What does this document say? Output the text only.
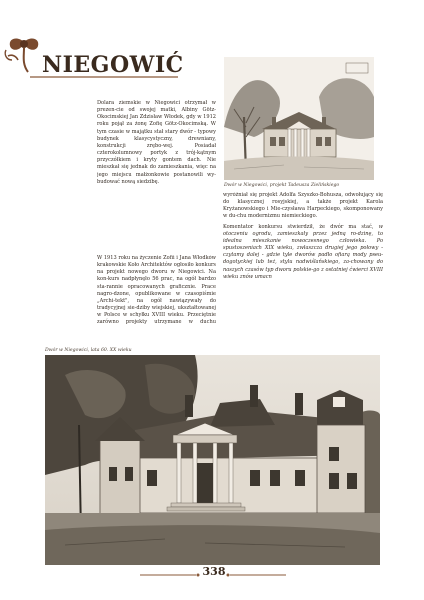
NIEGOWIĆ
Dwór w Niegowici, projekt Tadeusza Zielińskiego

Dolara ziemskie w Niegowici otrzymał w prezen-cie od swojej matki, Albiny Götz-Okocimskiej Jan Zdzisław Włodek, gdy w 1912 roku pojął za żonę Zofię Götz-Okocimską. W tym czasie w majątku stał stary dwór - typowy budynek klasycystyczny, drewniany, konstrukcji zrębo-wej. Posiadał czterokolumnowy portyk z trój-kątnym przyczółkiem i kryty gontem dach. Nie mieszkał się jednak do zamieszkania, więc na jego miejscu małżonkowie postanowili wy-budować nową siedzibę.

W 1913 roku na życzenie Zofii i Jana Włodków krakowskie Koło Architektów ogłosiło konkurs na projekt nowego dworu w Niegowici. Na kon-kurs nadpłynęło 56 prac, na ogół bardzo sta-rannie opracowanych graficznie. Prace nagro-dzone, opublikowane w czasopiśmie „Archi-tekt", na ogół nawiązywały do tradycyjnej sie-dziby wiejskiej, ukształtowanej w Polsce w schyłku XVIII wieku. Przeciętnie zarówno projekty utrzymane w duchu

wyróżniał się projekt Adolfa Szyszko-Bohusza, odwołujący się do klasycznej rosyjskiej, a także projekt Karola Kryżanowskiego i Mie-czysława Harpeckiego, skomponowany w du-chu modernizmu niemieckiego.

Komentator konkursu stwierdził, że dwór ma stać, w otoczeniu ogrodu, zamieszkały przez jedną ro-dzinę, to idealna mieszkanie nowoczesnego człowieka. Po spustoszeniach XIX wieku, zwłaszcza drugiej jego połowy - czytamy dalej - gdzie tyle dworów padło ofiarą mody pseu-dogotyckiej lub też, stylu nadwiślańskiego, za-chowany do naszych czasów typ dworu polskie-go z ostatniej ćwierci XVIII wieku znów umacn

Dwór w Niegowici, lata 60. XX wieku
338
